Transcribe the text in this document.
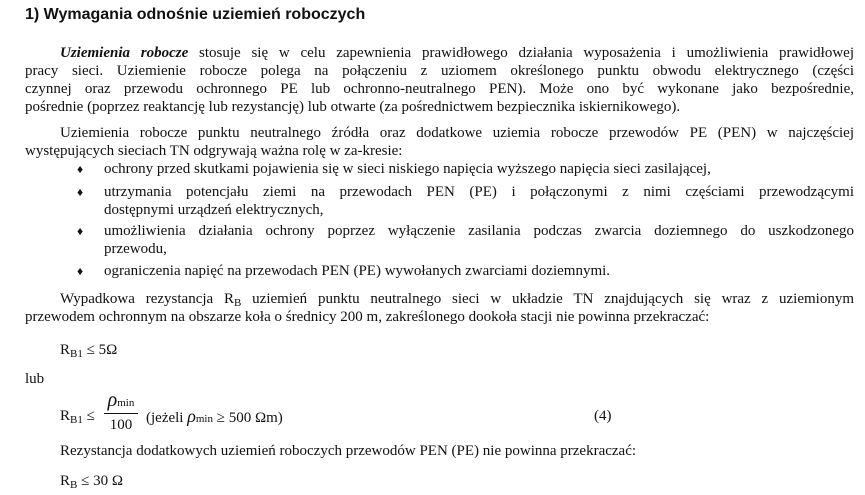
1) Wymagania odnośnie uziemień roboczych
Uziemienia robocze stosuje się w celu zapewnienia prawidłowego działania wyposażenia i umożliwienia prawidłowej
pracy sieci. Uziemienie robocze polega na połączeniu z uziomem określonego punktu obwodu elektrycznego (części
czynnej oraz przewodu ochronnego PE lub ochronno-neutralnego PEN). Może ono być wykonane jako bezpośrednie,
pośrednie (poprzez reaktancję lub rezystancję) lub otwarte (za pośrednictwem bezpiecznika iskiernikowego).
Uziemienia robocze punktu neutralnego źródła oraz dodatkowe uziemia robocze przewodów PE (PEN) w najczęściej
występujących sieciach TN odgrywają ważna rolę w za-kresie:
♦ ochrony przed skutkami pojawienia się w sieci niskiego napięcia wyższego napięcia sieci zasilającej,
♦ utrzymania potencjału ziemi na przewodach PEN (PE) i połączonymi z nimi częściami przewodzącymi
dostępnymi urządzeń elektrycznych,
♦ umożliwienia działania ochrony poprzez wyłączenie zasilania podczas zwarcia doziemnego do uszkodzonego
przewodu,
♦ ograniczenia napięć na przewodach PEN (PE) wywołanych zwarciami doziemnymi.
Wypadkowa rezystancja $R_B$ uziemień punktu neutralnego sieci w układzie TN znajdujących się wraz z uziemionym
przewodem ochronnym na obszarze koła o średnicy 200 m, zakreślonego dookoła stacji nie powinna przekraczać:
$R_{B1} \le 5\Omega$
lub
$R_{B1}$ ≤
ρmin
100 (jeżeli ρmin ≥ 500 Ωm)	(4)
Rezystancja dodatkowych uziemień roboczych przewodów PEN (PE) nie powinna przekraczać:
$R_B \le 30$ Ω
